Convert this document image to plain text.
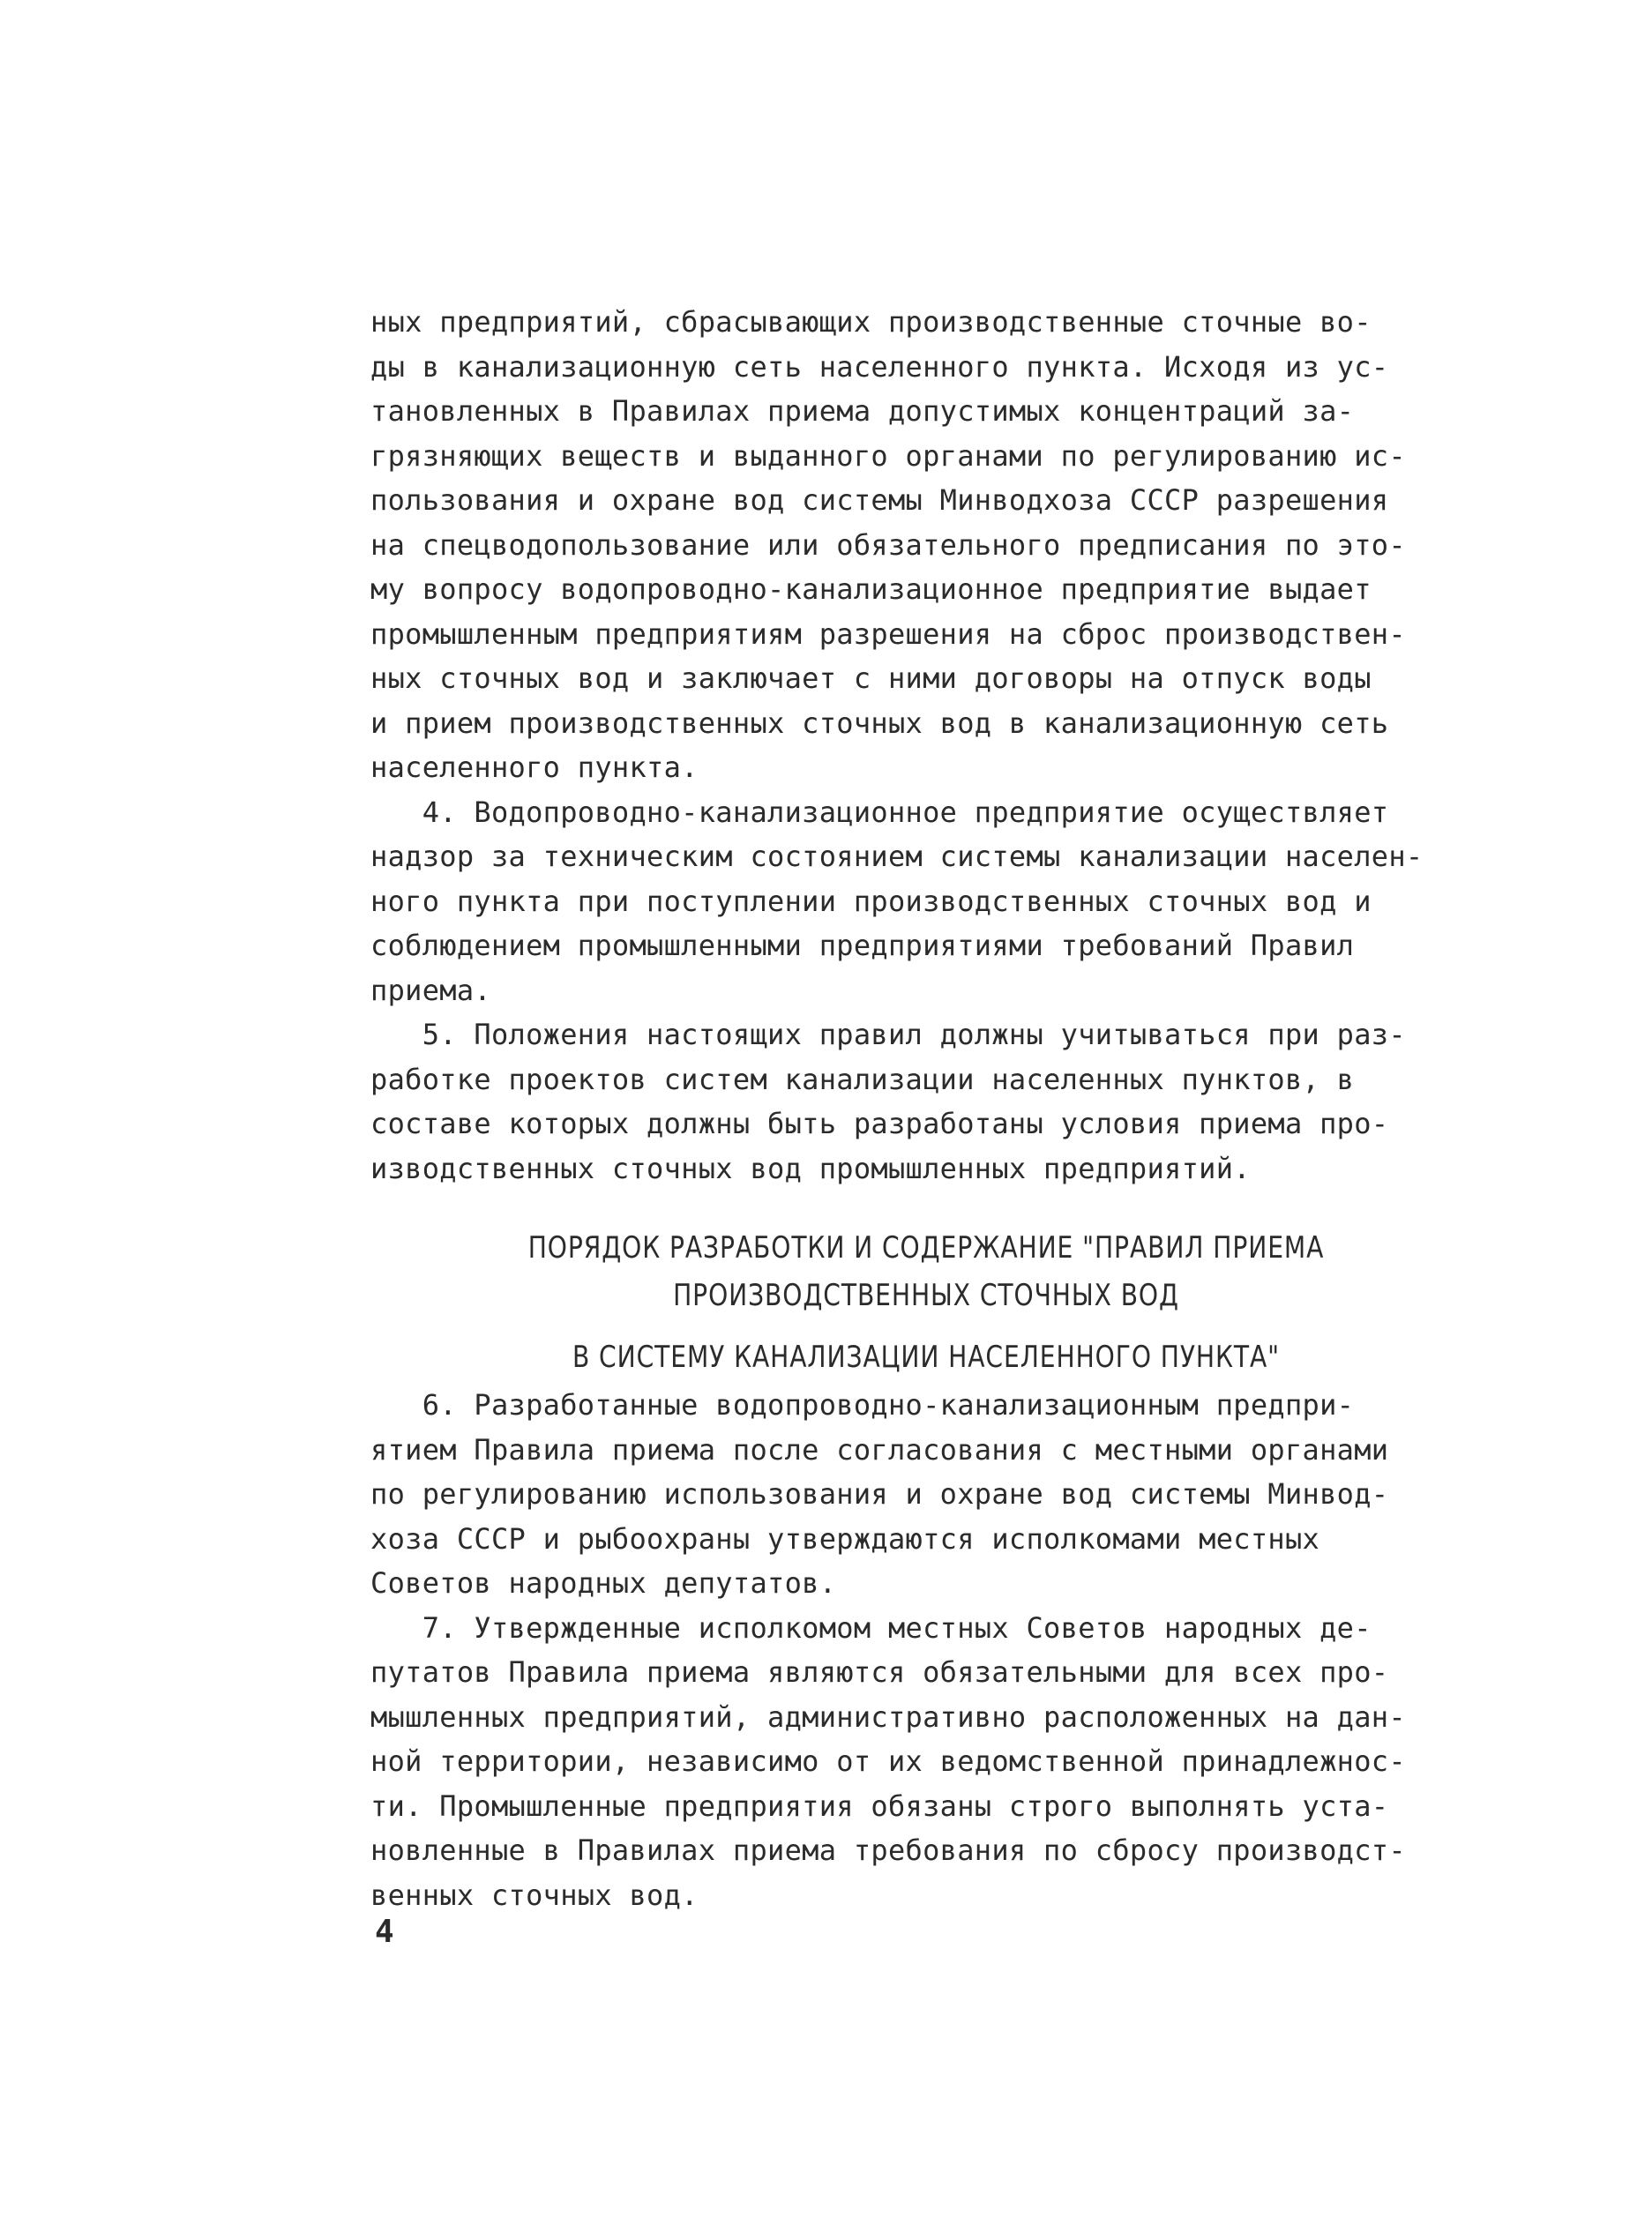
ных предприятий, сбрасывающих производственные сточные во-
ды в канализационную сеть населенного пункта. Исходя из ус-
тановленных в Правилах приема допустимых концентраций за-
грязняющих веществ и выданного органами по регулированию ис-
пользования и охране вод системы Минводхоза СССР разрешения
на спецводопользование или обязательного предписания по это-
му вопросу водопроводно-канализационное предприятие выдает
промышленным предприятиям разрешения на сброс производствен-
ных сточных вод и заключает с ними договоры на отпуск воды
и прием производственных сточных вод в канализационную сеть
населенного пункта.
4. Водопроводно-канализационное предприятие осуществляет
надзор за техническим состоянием системы канализации населен-
ного пункта при поступлении производственных сточных вод и
соблюдением промышленными предприятиями требований Правил
приема.
5. Положения настоящих правил должны учитываться при раз-
работке проектов систем канализации населенных пунктов, в
составе которых должны быть разработаны условия приема про-
изводственных сточных вод промышленных предприятий.
ПОРЯДОК РАЗРАБОТКИ И СОДЕРЖАНИЕ "ПРАВИЛ ПРИЕМА
ПРОИЗВОДСТВЕННЫХ СТОЧНЫХ ВОД
В СИСТЕМУ КАНАЛИЗАЦИИ НАСЕЛЕННОГО ПУНКТА"
6. Разработанные водопроводно-канализационным предпри-
ятием Правила приема после согласования с местными органами
по регулированию использования и охране вод системы Минвод-
хоза СССР и рыбоохраны утверждаются исполкомами местных
Советов народных депутатов.
7. Утвержденные исполкомом местных Советов народных де-
путатов Правила приема являются обязательными для всех про-
мышленных предприятий, административно расположенных на дан-
ной территории, независимо от их ведомственной принадлежнос-
ти. Промышленные предприятия обязаны строго выполнять уста-
новленные в Правилах приема требования по сбросу производст-
венных сточных вод.
4
